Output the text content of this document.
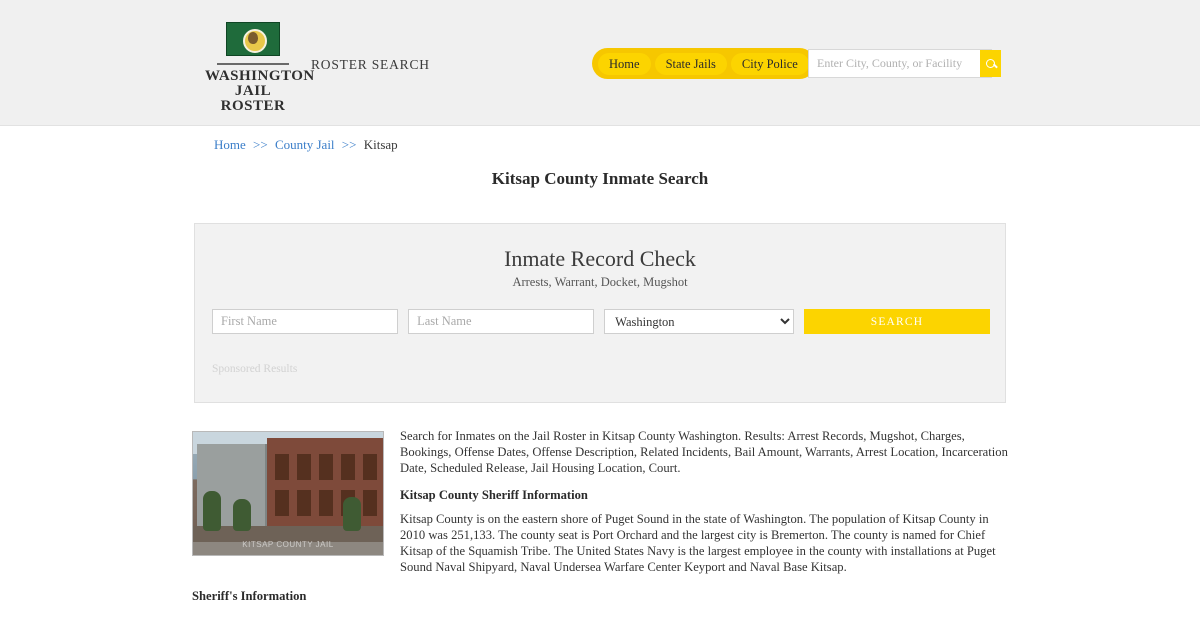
WASHINGTON
JAIL ROSTER
ROSTER SEARCH	Home	State Jails	City Police
Enter City, County, or Facility
Home >> County Jail >> Kitsap
Kitsap County Inmate Search
Inmate Record Check
Arrests, Warrant, Docket, Mugshot
First Name
Last Name
Washington
SEARCH
Sponsored Results
KITSAP COUNTY JAIL

Search for Inmates on the Jail Roster in Kitsap County Washington. Results: Arrest Records, Mugshot, Charges, Bookings, Offense Dates, Offense Description, Related Incidents, Bail Amount, Warrants, Arrest Location, Incarceration Date, Scheduled Release, Jail Housing Location, Court.

Kitsap County Sheriff Information

Kitsap County is on the eastern shore of Puget Sound in the state of Washington. The population of Kitsap County in 2010 was 251,133. The county seat is Port Orchard and the largest city is Bremerton. The county is named for Chief Kitsap of the Squamish Tribe. The United States Navy is the largest employee in the county with installations at Puget Sound Naval Shipyard, Naval Undersea Warfare Center Keyport and Naval Base Kitsap.

Sheriff's Information
